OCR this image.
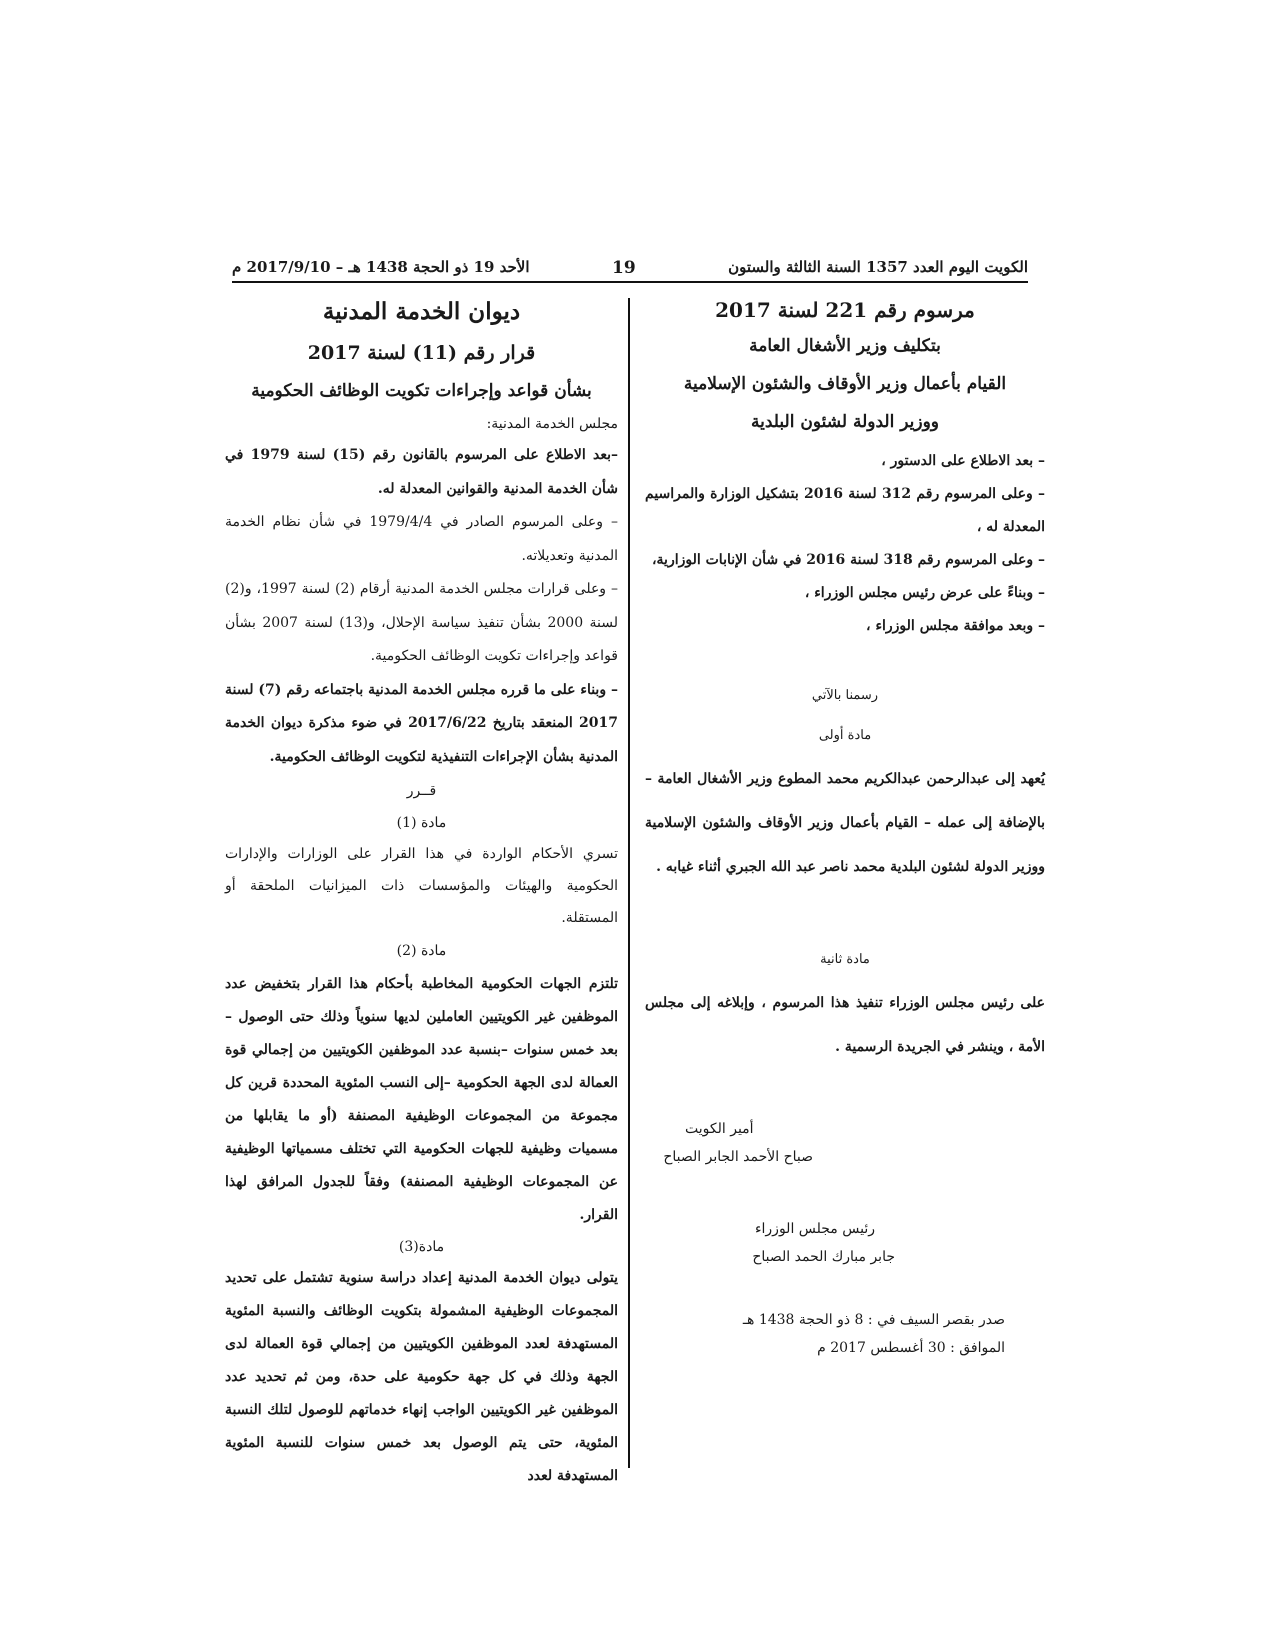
الكويت اليوم العدد 1357 السنة الثالثة والستون
19
الأحد 19 ذو الحجة 1438 هـ – 2017/9/10 م

مرسوم رقم 221 لسنة 2017

بتكليف وزير الأشغال العامة

القيام بأعمال وزير الأوقاف والشئون الإسلامية

ووزير الدولة لشئون البلدية

– بعد الاطلاع على الدستور ،

– وعلى المرسوم رقم 312 لسنة 2016 بتشكيل الوزارة والمراسيم المعدلة له ،

– وعلى المرسوم رقم 318 لسنة 2016 في شأن الإنابات الوزارية،

– وبناءً على عرض رئيس مجلس الوزراء ،

– وبعد موافقة مجلس الوزراء ،

رسمنا بالآتي

مادة أولى

يُعهد إلى عبدالرحمن عبدالكريم محمد المطوع وزير الأشغال العامة – بالإضافة إلى عمله – القيام بأعمال وزير الأوقاف والشئون الإسلامية ووزير الدولة لشئون البلدية محمد ناصر عبد الله الجبري أثناء غيابه .

مادة ثانية

على رئيس مجلس الوزراء تنفيذ هذا المرسوم ، وإبلاغه إلى مجلس الأمة ، وينشر في الجريدة الرسمية .

أمير الكويت

صباح الأحمد الجابر الصباح

رئيس مجلس الوزراء

جابر مبارك الحمد الصباح

صدر بقصر السيف في : 8 ذو الحجة 1438 هـ

الموافق : 30 أغسطس 2017 م

ديوان الخدمة المدنية

قرار رقم (11) لسنة 2017

بشأن قواعد وإجراءات تكويت الوظائف الحكومية

مجلس الخدمة المدنية:

–بعد الاطلاع على المرسوم بالقانون رقم (15) لسنة 1979 في شأن الخدمة المدنية والقوانين المعدلة له.

– وعلى المرسوم الصادر في 1979/4/4 في شأن نظام الخدمة المدنية وتعديلاته.

– وعلى قرارات مجلس الخدمة المدنية أرقام (2) لسنة 1997، و(2) لسنة 2000 بشأن تنفيذ سياسة الإحلال، و(13) لسنة 2007 بشأن قواعد وإجراءات تكويت الوظائف الحكومية.

– وبناء على ما قرره مجلس الخدمة المدنية باجتماعه رقم (7) لسنة 2017 المنعقد بتاريخ 2017/6/22 في ضوء مذكرة ديوان الخدمة المدنية بشأن الإجراءات التنفيذية لتكويت الوظائف الحكومية.

قــرر

مادة (1)

تسري الأحكام الواردة في هذا القرار على الوزارات والإدارات الحكومية والهيئات والمؤسسات ذات الميزانيات الملحقة أو المستقلة.

مادة (2)

تلتزم الجهات الحكومية المخاطبة بأحكام هذا القرار بتخفيض عدد الموظفين غير الكويتيين العاملين لديها سنوياً وذلك حتى الوصول –بعد خمس سنوات –بنسبة عدد الموظفين الكويتيين من إجمالي قوة العمالة لدى الجهة الحكومية –إلى النسب المئوية المحددة قرين كل مجموعة من المجموعات الوظيفية المصنفة (أو ما يقابلها من مسميات وظيفية للجهات الحكومية التي تختلف مسمياتها الوظيفية عن المجموعات الوظيفية المصنفة) وفقاً للجدول المرافق لهذا القرار.

مادة(3)

يتولى ديوان الخدمة المدنية إعداد دراسة سنوية تشتمل على تحديد المجموعات الوظيفية المشمولة بتكويت الوظائف والنسبة المئوية المستهدفة لعدد الموظفين الكويتيين من إجمالي قوة العمالة لدى الجهة وذلك في كل جهة حكومية على حدة، ومن ثم تحديد عدد الموظفين غير الكويتيين الواجب إنهاء خدماتهم للوصول لتلك النسبة المئوية، حتى يتم الوصول بعد خمس سنوات للنسبة المئوية المستهدفة لعدد
